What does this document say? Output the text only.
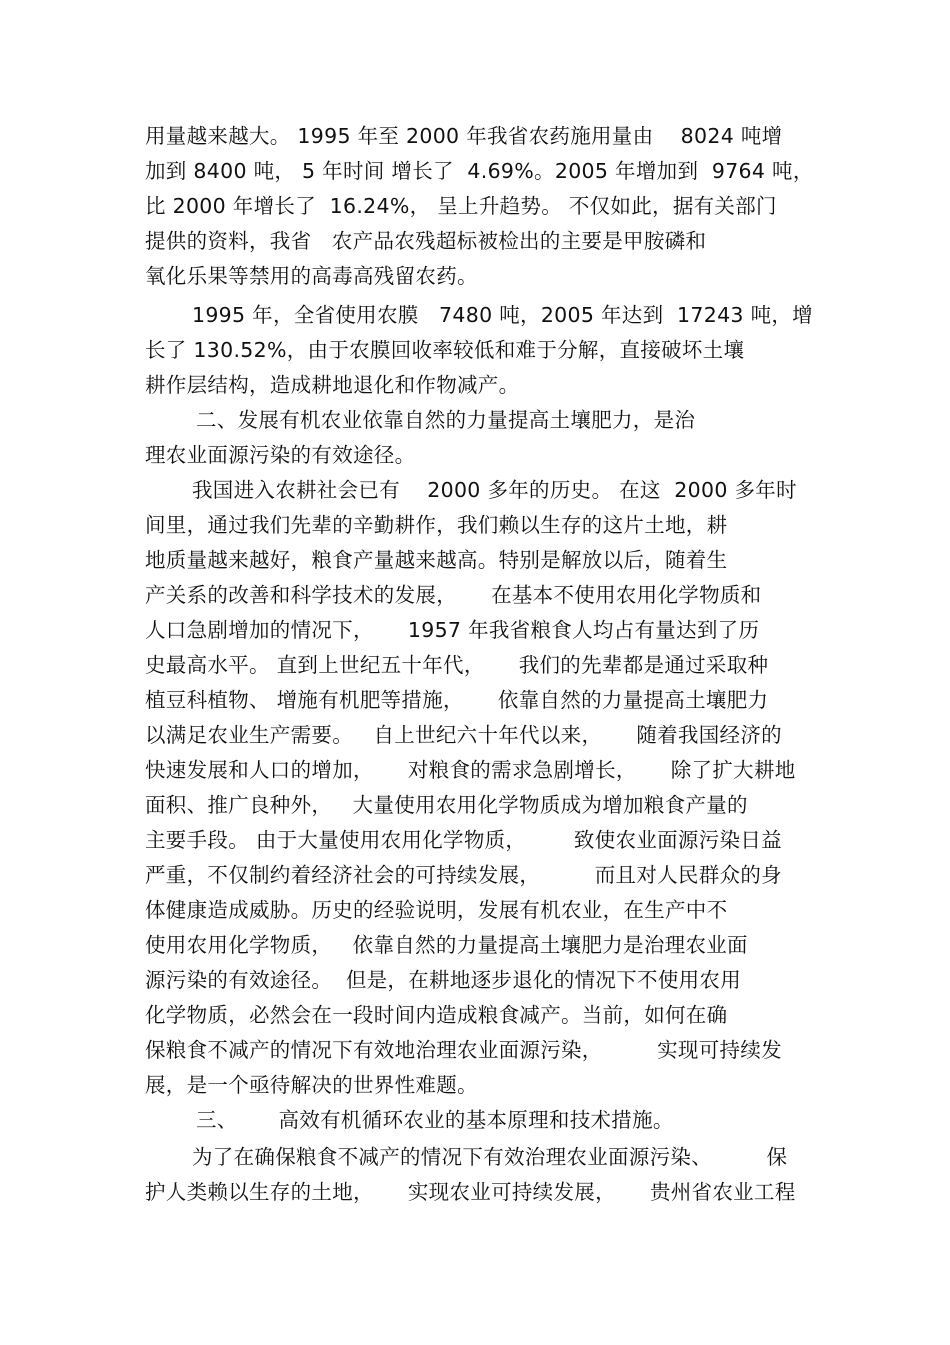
用量越来越大。 1995 年至 2000 年我省农药施用量由    8024 吨增
加到 8400 吨， 5 年时间 增长了  4.69%。2005 年增加到  9764 吨，
比 2000 年增长了  16.24%， 呈上升趋势。 不仅如此，据有关部门
提供的资料，我省   农产品农残超标被检出的主要是甲胺磷和
氧化乐果等禁用的高毒高残留农药。
1995 年，全省使用农膜   7480 吨，2005 年达到  17243 吨，增
长了 130.52%，由于农膜回收率较低和难于分解，直接破坏土壤
耕作层结构，造成耕地退化和作物减产。
二、发展有机农业依靠自然的力量提高土壤肥力，是治
理农业面源污染的有效途径。
我国进入农耕社会已有    2000 多年的历史。 在这  2000 多年时
间里，通过我们先辈的辛勤耕作，我们赖以生存的这片土地，耕
地质量越来越好，粮食产量越来越高。特别是解放以后，随着生
产关系的改善和科学技术的发展，     在基本不使用农用化学物质和
人口急剧增加的情况下，     1957 年我省粮食人均占有量达到了历
史最高水平。 直到上世纪五十年代，     我们的先辈都是通过采取种
植豆科植物、 增施有机肥等措施，     依靠自然的力量提高土壤肥力
以满足农业生产需要。   自上世纪六十年代以来，     随着我国经济的
快速发展和人口的增加，     对粮食的需求急剧增长，     除了扩大耕地
面积、推广良种外，   大量使用农用化学物质成为增加粮食产量的
主要手段。 由于大量使用农用化学物质，       致使农业面源污染日益
严重，不仅制约着经济社会的可持续发展，        而且对人民群众的身
体健康造成威胁。历史的经验说明，发展有机农业，在生产中不
使用农用化学物质，   依靠自然的力量提高土壤肥力是治理农业面
源污染的有效途径。  但是，在耕地逐步退化的情况下不使用农用
化学物质，必然会在一段时间内造成粮食减产。当前，如何在确
保粮食不减产的情况下有效地治理农业面源污染，        实现可持续发
展，是一个亟待解决的世界性难题。
三、      高效有机循环农业的基本原理和技术措施。
为了在确保粮食不减产的情况下有效治理农业面源污染、        保
护人类赖以生存的土地，     实现农业可持续发展，     贵州省农业工程
